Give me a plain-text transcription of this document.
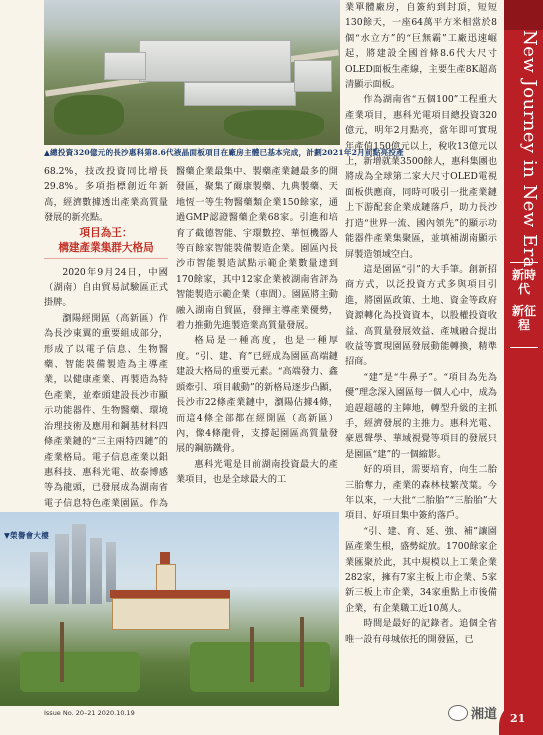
▲總投資320億元的長沙惠科第8.6代液晶面板項目在廠房主體已基本完成，計劃2021年2月前點亮投產

68.2%，技改投資同比增長29.8%。多項指標創近年新高，經濟數據透出產業高質量發展的新亮點。

項目為王：

構建產業集群大格局

2020年9月24日，中國（湖南）自由貿易試驗區正式掛牌。

瀏陽經開區（高新區）作為長沙東翼的重要組成部分，形成了以電子信息、生物醫藥、智能裝備製造為主導產業，以健康產業、再製造為特色產業，並牽頭建設長沙市顯示功能器件、生物醫藥、環境治理技術及應用和鋼基材料四條產業鏈的“三主兩特四鏈”的產業格局。電子信息產業以鋁惠科技、惠科光電、故泰博感等為龍頭，已發展成為湖南省電子信息特色產業園區。作為

醫藥企業最集中、製藥產業鏈最多的開發區，聚集了爾康製藥、九典製藥、天地恆一等生物醫藥類企業150餘家，通過GMP認證醫藥企業68家。引進和培育了截德智能、宇環數控、華恒機器人等百餘家智能裝備製造企業。園區內長沙市智能製造試點示範企業數量達到170餘家，其中12家企業被湖南省評為智能製造示範企業（車間）。園區將主動融入湖南自貿區，發揮主導產業優勢，着力推動先進製造業高質量發展。

格局是一種高度，也是一種厚度。“引、建、育”已經成為園區高端鏈建設大格局的重要元素。“高端發力、鑫頭牽引、項目載動”的新格局逐步凸顯，長沙市22條產業鏈中，瀏陽佔據4條，而這4條全部都在經開區（高新區）內，像4條龍骨，支撐起園區高質量發展的鋼筋鐵骨。

惠科光電是目前湖南投資最大的產業項目，也是全球最大的工

▼榮譽會大樓

業單體廠房，自簽約到封頂，短短130餘天，一座64萬平方米相當於8個“水立方”的“巨無霸”工廠迅速崛起，將建設全國首條8.6代大尺寸OLED面板生產線，主要生產8K超高清顯示面板。

作為湖南省“五個100”工程重大產業項目，惠科光電項目總投資320億元，明年2月點亮，當年即可實現年產值150億元以上，稅收13億元以上，新增就業3500餘人，惠科集團也將成為全球第二家大尺寸OLED電視面板供應商，同時可吸引一批產業鏈上下游配套企業成鏈落戶，助力長沙打造“世界一流、國內領先”的顯示功能器件產業集聚區，並填補湖南顯示屏製造領域空白。

這是園區“引”的大手筆。創新招商方式，以泛投資方式多與項目引進，將園區政策、土地、資金等政府資源轉化為投資資本，以股權投資收益、高質量發展效益、產城融合提出收益等實現園區發展動能轉換，精準招商。

“建”是“牛鼻子”。“項目為先為優”理念深入園區每一個人心中，成為追趕超越的主陣地，轉型升級的主抓手，經濟發展的主推力。惠科光電、豪恩聲學、華域視覺等項目的發展只是園區“建”的一個縮影。

好的項目，需要培育，向生二胎三胎奪力，產業的森林枝繁茂葉。今年以來，一大批“二胎胎”“三胎胎”大項目、好項目集中簽約落戶。

“引、建、育、延、強、補”讓園區產業生根，盛勢綻放。1700餘家企業匯聚於此，其中規模以上工業企業282家，擁有7家主板上市企業、5家新三板上市企業，34家重點上市後備企業，有企業職工近10萬人。

時間是最好的記錄者。追個全省唯一設有母城依托的開發區，已

New Journey in New Era
新時代
新征程
21
Issue No. 20–21 2020.10.19	湘道
